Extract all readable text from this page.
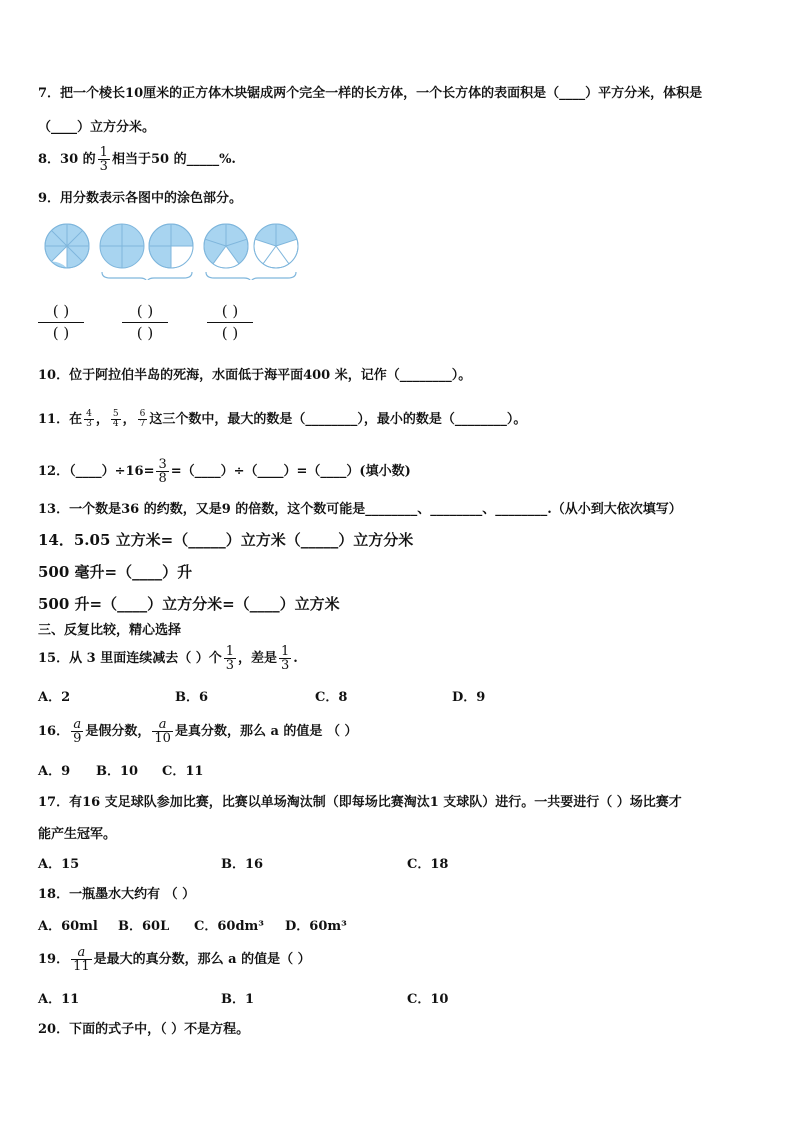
7．把一个棱长10厘米的正方体木块锯成两个完全一样的长方体，一个长方体的表面积是（____）平方分米，体积是
（____）立方分米。
8．30 的 $\frac{1}{3}$ 相当于50 的_____%.
9．用分数表示各图中的涂色部分。
( )
( )
( )
( )
( )
( )
10．位于阿拉伯半岛的死海，水面低于海平面400 米，记作（________）。
11．在 $\frac{4}{3}$ ， $\frac{5}{4}$ ， $\frac{6}{7}$ 这三个数中，最大的数是（________），最小的数是（________）。
12．（____）÷16= $\frac{3}{8}$ =（____）÷（____）=（____）(填小数)
13．一个数是36 的约数，又是9 的倍数，这个数可能是________、________、________.（从小到大依次填写）
14．5.05 立方米=（_____）立方米（_____）立方分米
500 毫升=（____）升
500 升=（____）立方分米=（____）立方米
三、反复比较，精心选择
15．从 3 里面连续减去（ ）个 $\frac{1}{3}$ ，差是 $\frac{1}{3}$ .
A．2	B．6	C．8	D．9
16． $\frac{a}{9}$ 是假分数， $\frac{a}{10}$ 是真分数，那么 a 的值是 （ ）
A．9 B．10 C．11
17．有16 支足球队参加比赛，比赛以单场淘汰制（即每场比赛淘汰1 支球队）进行。一共要进行（ ）场比赛才
能产生冠军。
A．15	B．16	C．18
18．一瓶墨水大约有 （ ）
A．60ml B．60L C．60dm³ D．60m³
19． $\frac{a}{11}$ 是最大的真分数，那么 a 的值是（ ）
A．11	B．1	C．10
20．下面的式子中，（ ）不是方程。
